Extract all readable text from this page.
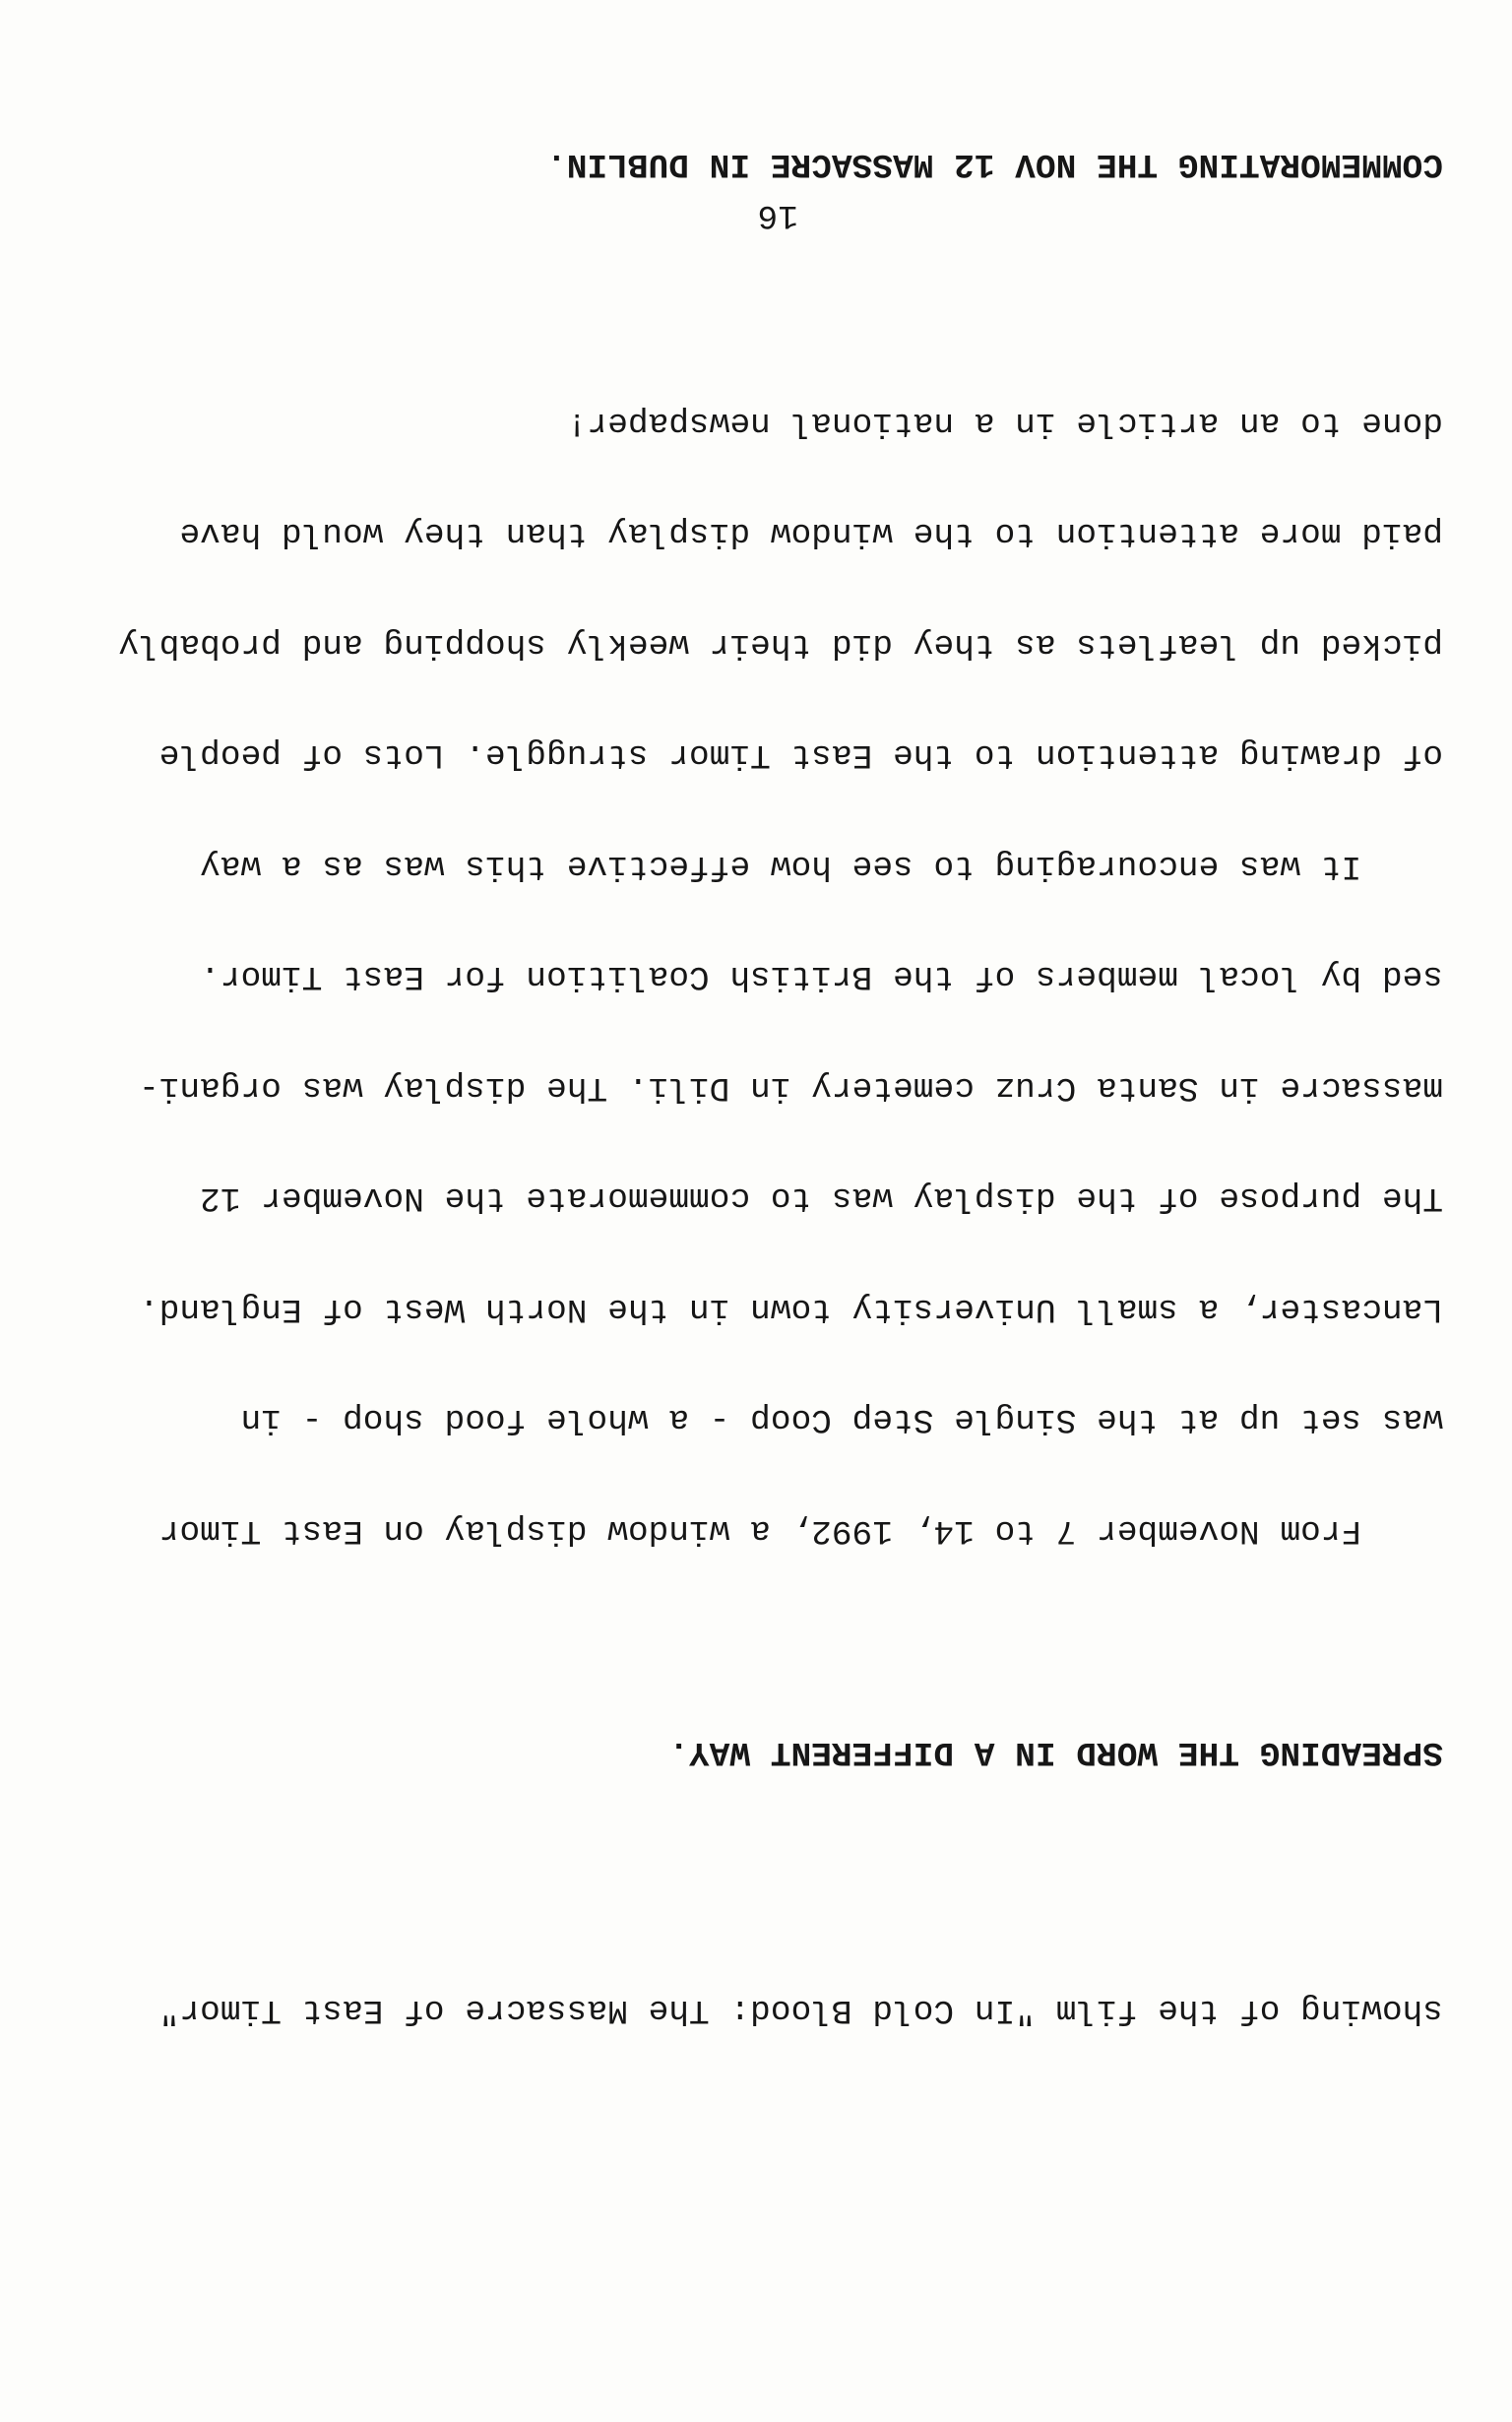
showing of the film "In Cold Blood: The Massacre of East Timor"

SPREADING THE WORD IN A DIFFERENT WAY.

From November 7 to 14, 1992, a window display on East Timor

was set up at the Single Step Coop - a whole food shop - in

Lancaster, a small University town in the North West of England.

The purpose of the display was to commemorate the November 12

massacre in Santa Cruz cemetery in Dili. The display was organi-

sed by local members of the British Coalition for East Timor.

It was encouraging to see how effective this was as a way

of drawing attention to the East Timor struggle. Lots of people

picked up leaflets as they did their weekly shopping and probably

paid more attention to the window display than they would have

done to an article in a national newspaper!

COMMEMORATING THE NOV 12 MASSACRE IN DUBLIN.

16
